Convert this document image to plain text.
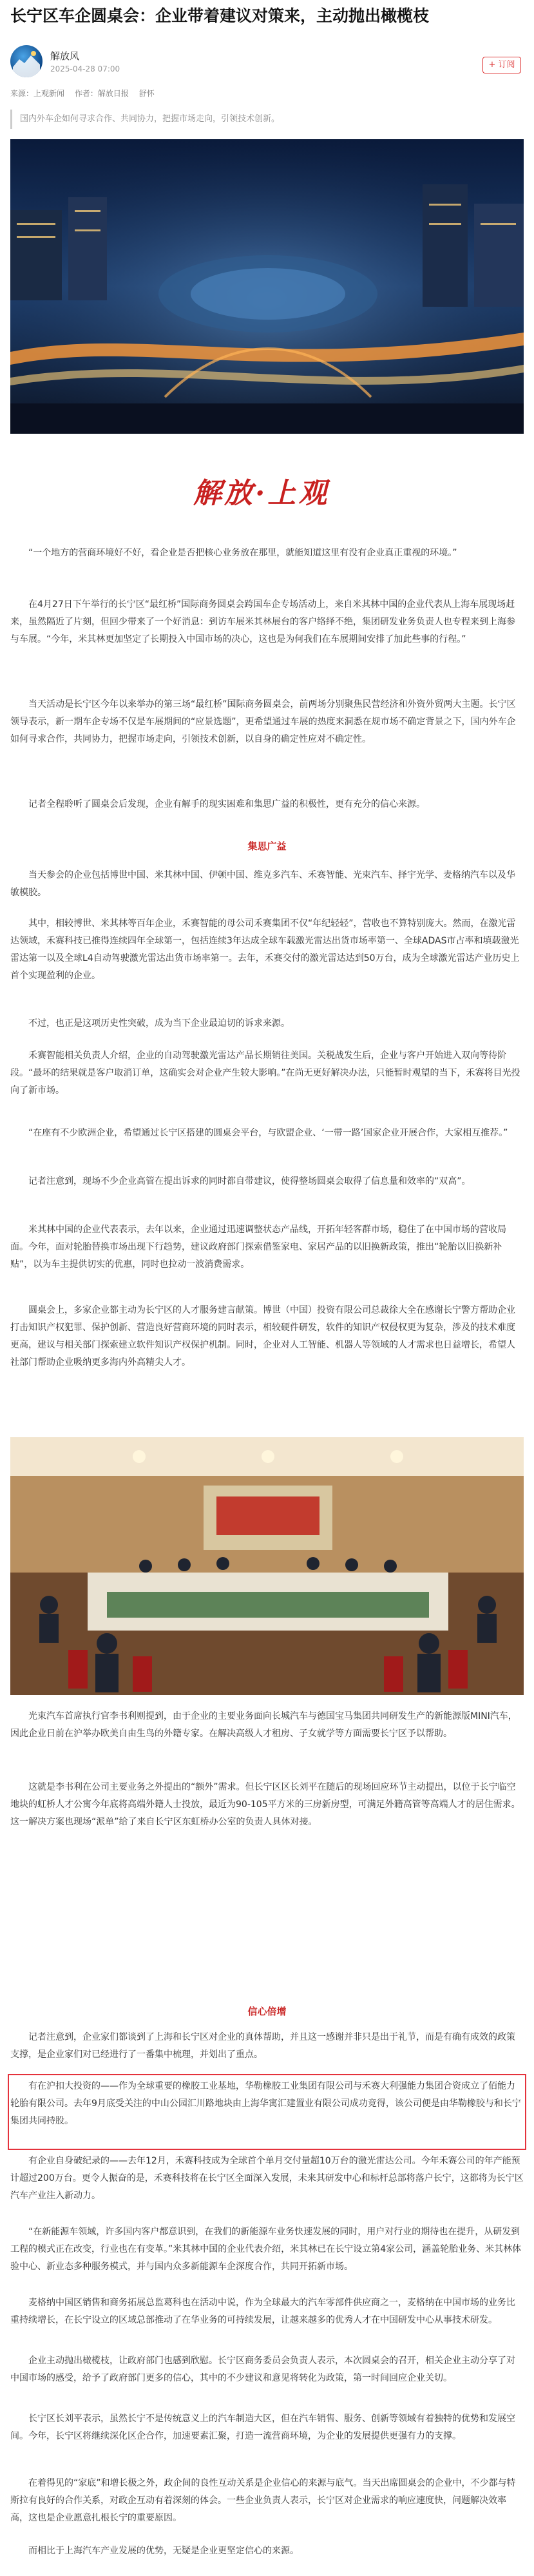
长宁区车企圆桌会：企业带着建议对策来，主动抛出橄榄枝
解放风
2025-04-28 07:00	+ 订阅
来源：上观新闻 作者：解放日报 舒怀
国内外车企如何寻求合作、共同协力，把握市场走向，引领技术创新。
解放·上观

“一个地方的营商环境好不好，看企业是否把核心业务放在那里，就能知道这里有没有企业真正重视的环境。”

在4月27日下午举行的长宁区“最红桥”国际商务圆桌会跨国车企专场活动上，来自米其林中国的企业代表从上海车展现场赶来，虽然隔近了片刻，但回少带来了一个好消息：到访车展米其林展台的客户络绎不绝，集团研发业务负责人也专程来到上海参与车展。“今年，米其林更加坚定了长期投入中国市场的决心，这也是为何我们在车展期间安排了加此些事的行程。”

当天活动是长宁区今年以来举办的第三场“最红桥”国际商务圆桌会，前两场分别聚焦民营经济和外资外贸两大主题。长宁区领导表示，新一期车企专场不仅是车展期间的“应景选题”，更希望通过车展的热度来洞悉在规市场不确定背景之下，国内外车企如何寻求合作，共同协力，把握市场走向，引领技术创新，以自身的确定性应对不确定性。

记者全程聆听了圆桌会后发现，企业有解手的现实困难和集思广益的积极性，更有充分的信心来源。

集思广益

当天参会的企业包括博世中国、米其林中国、伊顿中国、维克多汽车、禾赛智能、光束汽车、择宇光学、麦格纳汽车以及华敏模胶。

其中，相较博世、米其林等百年企业，禾赛智能的母公司禾赛集团不仅“年纪轻轻”，营收也不算特别庞大。然而，在激光雷达领域，禾赛科技已推得连续四年全球第一，包括连续3年达成全球车载激光雷达出货市场率第一、全球ADAS市占率和填载激光雷达第一以及全球L4自动驾驶激光雷达出货市场率第一。去年，禾赛交付的激光雷达达到50万台，成为全球激光雷达产业历史上首个实现盈利的企业。

不过，也正是这项历史性突破，成为当下企业最迫切的诉求来源。

禾赛智能相关负责人介绍，企业的自动驾驶激光雷达产品长期销往美国。关税战发生后，企业与客户开始进入双向等待阶段。“最坏的结果就是客户取消订单，这确实会对企业产生较大影响。”在尚无更好解决办法，只能暂时观望的当下，禾赛将目光投向了新市场。

“在座有不少欧洲企业，希望通过长宁区搭建的圆桌会平台，与欧盟企业、‘一带一路’国家企业开展合作，大家相互推荐。”

记者注意到，现场不少企业高管在提出诉求的同时都自带建议，使得整场圆桌会取得了信息量和效率的“双高”。

米其林中国的企业代表表示，去年以来，企业通过迅速调整状态产品线，开拓年轻客群市场，稳住了在中国市场的营收局面。今年，面对轮胎替换市场出现下行趋势，建议政府部门探索借鉴家电、家居产品的以旧换新政策，推出“轮胎以旧换新补贴”，以为车主提供切实的优惠，同时也拉动一波消费需求。

圆桌会上，多家企业都主动为长宁区的人才服务建言献策。博世（中国）投资有限公司总裁徐大全在感谢长宁警方帮助企业打击知识产权犯罪、保护创新、营造良好营商环境的同时表示，相较硬件研发，软件的知识产权侵权更为复杂，涉及的技术难度更高，建议与相关部门探索建立软件知识产权保护机制。同时，企业对人工智能、机器人等领域的人才需求也日益增长，希望人社部门帮助企业吸纳更多海内外高精尖人才。

光束汽车首席执行官李书利则提到，由于企业的主要业务面向长城汽车与德国宝马集团共同研发生产的新能源版MINI汽车，因此企业日前在沪举办欧美自由生鸟的外籍专家。在解决高级人才租房、子女就学等方面需要长宁区予以帮助。

这就是李书利在公司主要业务之外提出的“额外”需求。但长宁区区长刘平在随后的现场回应环节主动提出，以位于长宁临空地块的虹桥人才公寓今年底将高端外籍人士投放，最近为90-105平方米的三房新房型，可满足外籍高管等高端人才的居住需求。这一解决方案也现场“派单”给了来自长宁区东虹桥办公室的负责人具体对接。

信心倍增

记者注意到，企业家们都谈到了上海和长宁区对企业的真体帮助，并且这一感谢并非只是出于礼节，而是有确有成效的政策支撑，是企业家们对已经进行了一番集中梳理，并划出了重点。

有在沪扣大投资的——作为全球重要的橡胶工业基地，华勒橡胶工业集团有限公司与禾赛大利强能力集团合资成立了佰能力轮胎有限公司。去年9月底受关注的中山公园汇川路地块由上海华寓汇建置业有限公司成功竞得，该公司便是由华勒橡胶与和长宁集团共同持股。

有企业自身破纪录的——去年12月，禾赛科技成为全球首个单月交付量超10万台的激光雷达公司。今年禾赛公司的年产能预计超过200万台。更令人振奋的是，禾赛科技将在长宁区全面深入发展，未来其研发中心和标杆总部将落户长宁，这都将为长宁区汽车产业注入新动力。

“在新能源车领域，许多国内客户都意识到，在我们的新能源车业务快速发展的同时，用户对行业的期待也在提升，从研发到工程的模式正在改变，行业也在有变革。”米其林中国的企业代表介绍，米其林已在长宁设立第4家公司，涵盖轮胎业务、米其林体验中心、新业态多种服务模式，并与国内众多新能源车企深度合作，共同开拓新市场。

麦格纳中国区销售和商务拓展总监葛科也在活动中说，作为全球最大的汽车零部件供应商之一，麦格纳在中国市场的业务比重持续增长，在长宁设立的区域总部推动了在华业务的可持续发展，让越来越多的优秀人才在中国研发中心从事技术研发。

企业主动抛出橄榄枝，让政府部门也感到欣慰。长宁区商务委员会负责人表示，本次圆桌会的召开，相关企业主动分享了对中国市场的感受，给予了政府部门更多的信心，其中的不少建议和意见将转化为政策，第一时间回应企业关切。

长宁区长刘平表示，虽然长宁不是传统意义上的汽车制造大区，但在汽车销售、服务、创新等领域有着独特的优势和发展空间。今年，长宁区将继续深化区企合作，加速要素汇聚，打造一流营商环境，为企业的发展提供更强有力的支撑。

在着得见的“家底”和增长极之外，政企间的良性互动关系是企业信心的来源与底气。当天出席圆桌会的企业中，不少都与特斯拉有良好的合作关系，对政企互动有着深刻的体会。一些企业负责人表示，长宁区对企业需求的响应速度快，问题解决效率高，这也是企业愿意扎根长宁的重要原因。

而相比于上海汽车产业发展的优势，无疑是企业更坚定信心的来源。
